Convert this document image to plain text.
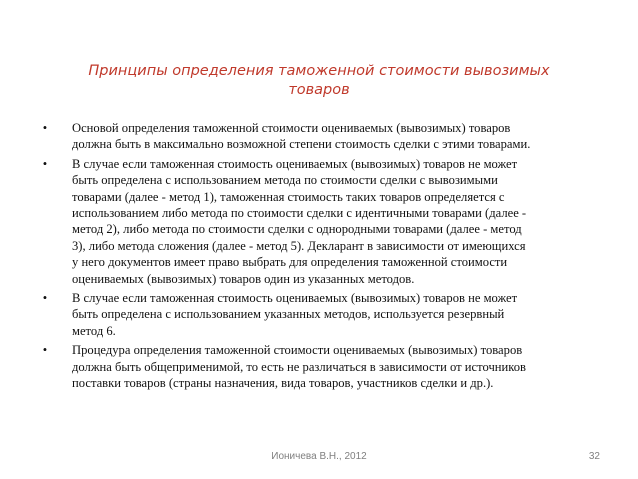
Принципы определения таможенной стоимости вывозимых
товаров
• Основой определения таможенной стоимости оцениваемых (вывозимых) товаров
должна быть в максимально возможной степени стоимость сделки с этими товарами.
• В случае если таможенная стоимость оцениваемых (вывозимых) товаров не может
быть определена с использованием метода по стоимости сделки с вывозимыми
товарами (далее - метод 1), таможенная стоимость таких товаров определяется с
использованием либо метода по стоимости сделки с идентичными товарами (далее -
метод 2), либо метода по стоимости сделки с однородными товарами (далее - метод
3), либо метода сложения (далее - метод 5). Декларант в зависимости от имеющихся
у него документов имеет право выбрать для определения таможенной стоимости
оцениваемых (вывозимых) товаров один из указанных методов.
• В случае если таможенная стоимость оцениваемых (вывозимых) товаров не может
быть определена с использованием указанных методов, используется резервный
метод 6.
• Процедура определения таможенной стоимости оцениваемых (вывозимых) товаров
должна быть общеприменимой, то есть не различаться в зависимости от источников
поставки товаров (страны назначения, вида товаров, участников сделки и др.).
Ионичева В.Н., 2012	32
